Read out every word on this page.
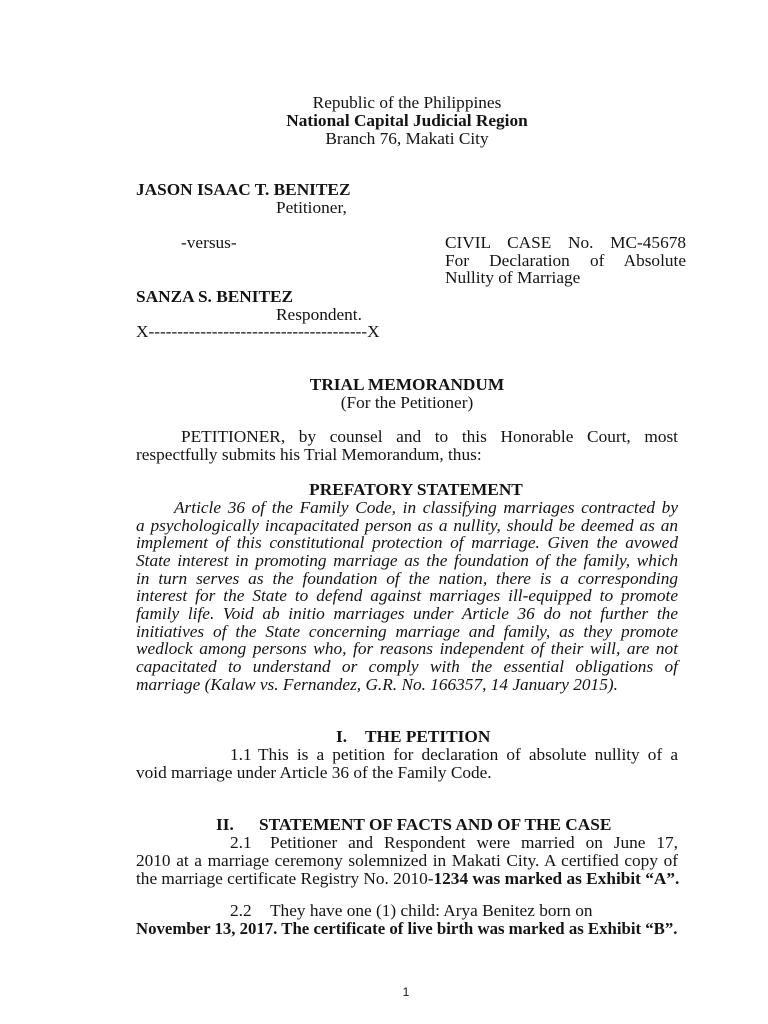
Republic of the Philippines
National Capital Judicial Region
Branch 76, Makati City
JASON ISAAC T. BENITEZ
Petitioner,
-versus-	CIVIL CASE No. MC-45678
For Declaration of Absolute
Nullity of Marriage
SANZA S. BENITEZ
Respondent.
X--------------------------------------X
TRIAL MEMORANDUM
(For the Petitioner)
PETITIONER, by counsel and to this Honorable Court, most
respectfully submits his Trial Memorandum, thus:
PREFATORY STATEMENT
Article 36 of the Family Code, in classifying marriages contracted by
a psychologically incapacitated person as a nullity, should be deemed as an
implement of this constitutional protection of marriage. Given the avowed
State interest in promoting marriage as the foundation of the family, which
in turn serves as the foundation of the nation, there is a corresponding
interest for the State to defend against marriages ill-equipped to promote
family life. Void ab initio marriages under Article 36 do not further the
initiatives of the State concerning marriage and family, as they promote
wedlock among persons who, for reasons independent of their will, are not
capacitated to understand or comply with the essential obligations of
marriage (Kalaw vs. Fernandez, G.R. No. 166357, 14 January 2015).
I. THE PETITION
1.1 This is a petition for declaration of absolute nullity of a
void marriage under Article 36 of the Family Code.
II. STATEMENT OF FACTS AND OF THE CASE
2.1 Petitioner and Respondent were married on June 17,
2010 at a marriage ceremony solemnized in Makati City. A certified copy of
the marriage certificate Registry No. 2010-1234 was marked as Exhibit “A”.
2.2 They have one (1) child: Arya Benitez born on
November 13, 2017. The certificate of live birth was marked as Exhibit “B”.
1
